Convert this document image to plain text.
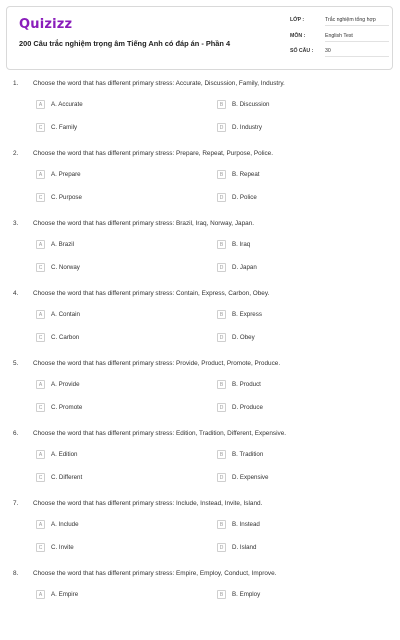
Quizizz
200 Câu trắc nghiệm trọng âm Tiếng Anh có đáp án - Phần 4
LỚP :	Trắc nghiệm tổng hợp
MÔN :	English Test
SỐ CÂU : 30
1. Choose the word that has different primary stress: Accurate, Discussion, Family, Industry.
A	A. Accurate	B	B. Discussion
C	C. Family	D	D. Industry
2. Choose the word that has different primary stress: Prepare, Repeat, Purpose, Police.
A	A. Prepare	B	B. Repeat
C	C. Purpose	D	D. Police
3. Choose the word that has different primary stress: Brazil, Iraq, Norway, Japan.
A	A. Brazil	B	B. Iraq
C	C. Norway	D	D. Japan
4. Choose the word that has different primary stress: Contain, Express, Carbon, Obey.
A	A. Contain	B	B. Express
C	C. Carbon	D	D. Obey
5. Choose the word that has different primary stress: Provide, Product, Promote, Produce.
A	A. Provide	B	B. Product
C	C. Promote	D	D. Produce
6. Choose the word that has different primary stress: Edition, Tradition, Different, Expensive.
A	A. Edition	B	B. Tradition
C	C. Different	D	D. Expensive
7. Choose the word that has different primary stress: Include, Instead, Invite, Island.
A	A. Include	B	B. Instead
C	C. Invite	D	D. Island
8. Choose the word that has different primary stress: Empire, Employ, Conduct, Improve.
A	A. Empire	B	B. Employ
